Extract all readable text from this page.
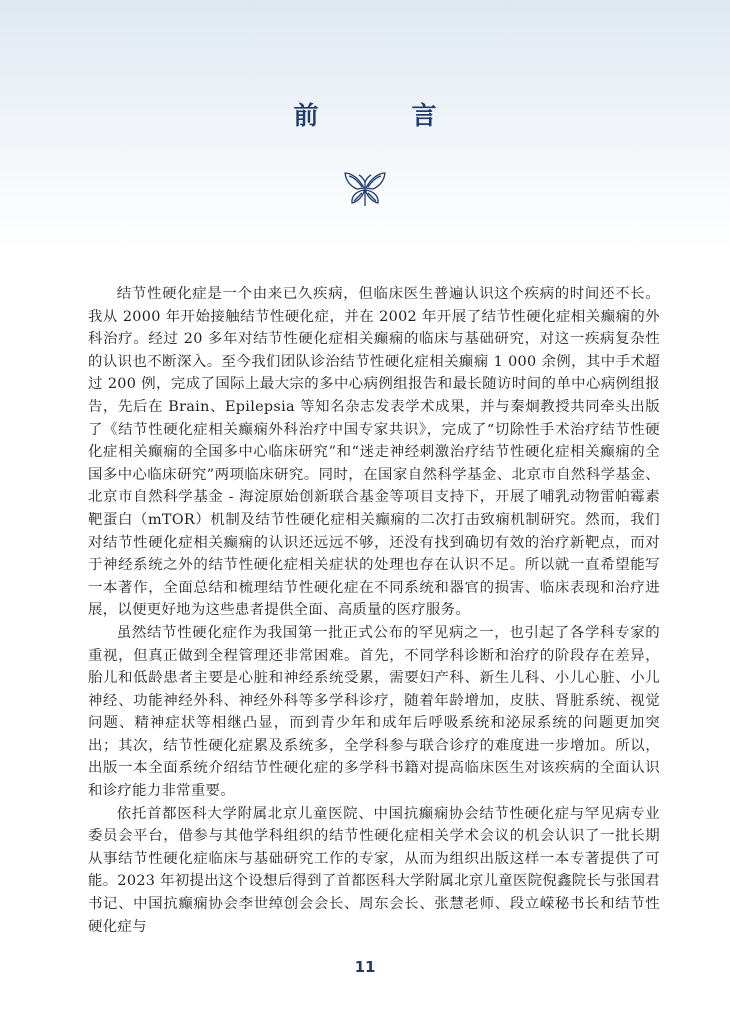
前　言

结节性硬化症是一个由来已久疾病，但临床医生普遍认识这个疾病的时间还不长。我从 2000 年开始接触结节性硬化症，并在 2002 年开展了结节性硬化症相关癫痫的外科治疗。经过 20 多年对结节性硬化症相关癫痫的临床与基础研究，对这一疾病复杂性的认识也不断深入。至今我们团队诊治结节性硬化症相关癫痫 1 000 余例，其中手术超过 200 例，完成了国际上最大宗的多中心病例组报告和最长随访时间的单中心病例组报告，先后在 Brain、Epilepsia 等知名杂志发表学术成果，并与秦炯教授共同牵头出版了《结节性硬化症相关癫痫外科治疗中国专家共识》，完成了“切除性手术治疗结节性硬化症相关癫痫的全国多中心临床研究”和“迷走神经刺激治疗结节性硬化症相关癫痫的全国多中心临床研究”两项临床研究。同时，在国家自然科学基金、北京市自然科学基金、北京市自然科学基金 - 海淀原始创新联合基金等项目支持下，开展了哺乳动物雷帕霉素靶蛋白（mTOR）机制及结节性硬化症相关癫痫的二次打击致痫机制研究。然而，我们对结节性硬化症相关癫痫的认识还远远不够，还没有找到确切有效的治疗新靶点，而对于神经系统之外的结节性硬化症相关症状的处理也存在认识不足。所以就一直希望能写一本著作，全面总结和梳理结节性硬化症在不同系统和器官的损害、临床表现和治疗进展，以便更好地为这些患者提供全面、高质量的医疗服务。

虽然结节性硬化症作为我国第一批正式公布的罕见病之一，也引起了各学科专家的重视，但真正做到全程管理还非常困难。首先，不同学科诊断和治疗的阶段存在差异，胎儿和低龄患者主要是心脏和神经系统受累，需要妇产科、新生儿科、小儿心脏、小儿神经、功能神经外科、神经外科等多学科诊疗，随着年龄增加，皮肤、肾脏系统、视觉问题、精神症状等相继凸显，而到青少年和成年后呼吸系统和泌尿系统的问题更加突出；其次，结节性硬化症累及系统多，全学科参与联合诊疗的难度进一步增加。所以，出版一本全面系统介绍结节性硬化症的多学科书籍对提高临床医生对该疾病的全面认识和诊疗能力非常重要。

依托首都医科大学附属北京儿童医院、中国抗癫痫协会结节性硬化症与罕见病专业委员会平台，借参与其他学科组织的结节性硬化症相关学术会议的机会认识了一批长期从事结节性硬化症临床与基础研究工作的专家，从而为组织出版这样一本专著提供了可能。2023 年初提出这个设想后得到了首都医科大学附属北京儿童医院倪鑫院长与张国君书记、中国抗癫痫协会李世绰创会会长、周东会长、张慧老师、段立嵘秘书长和结节性硬化症与

11
